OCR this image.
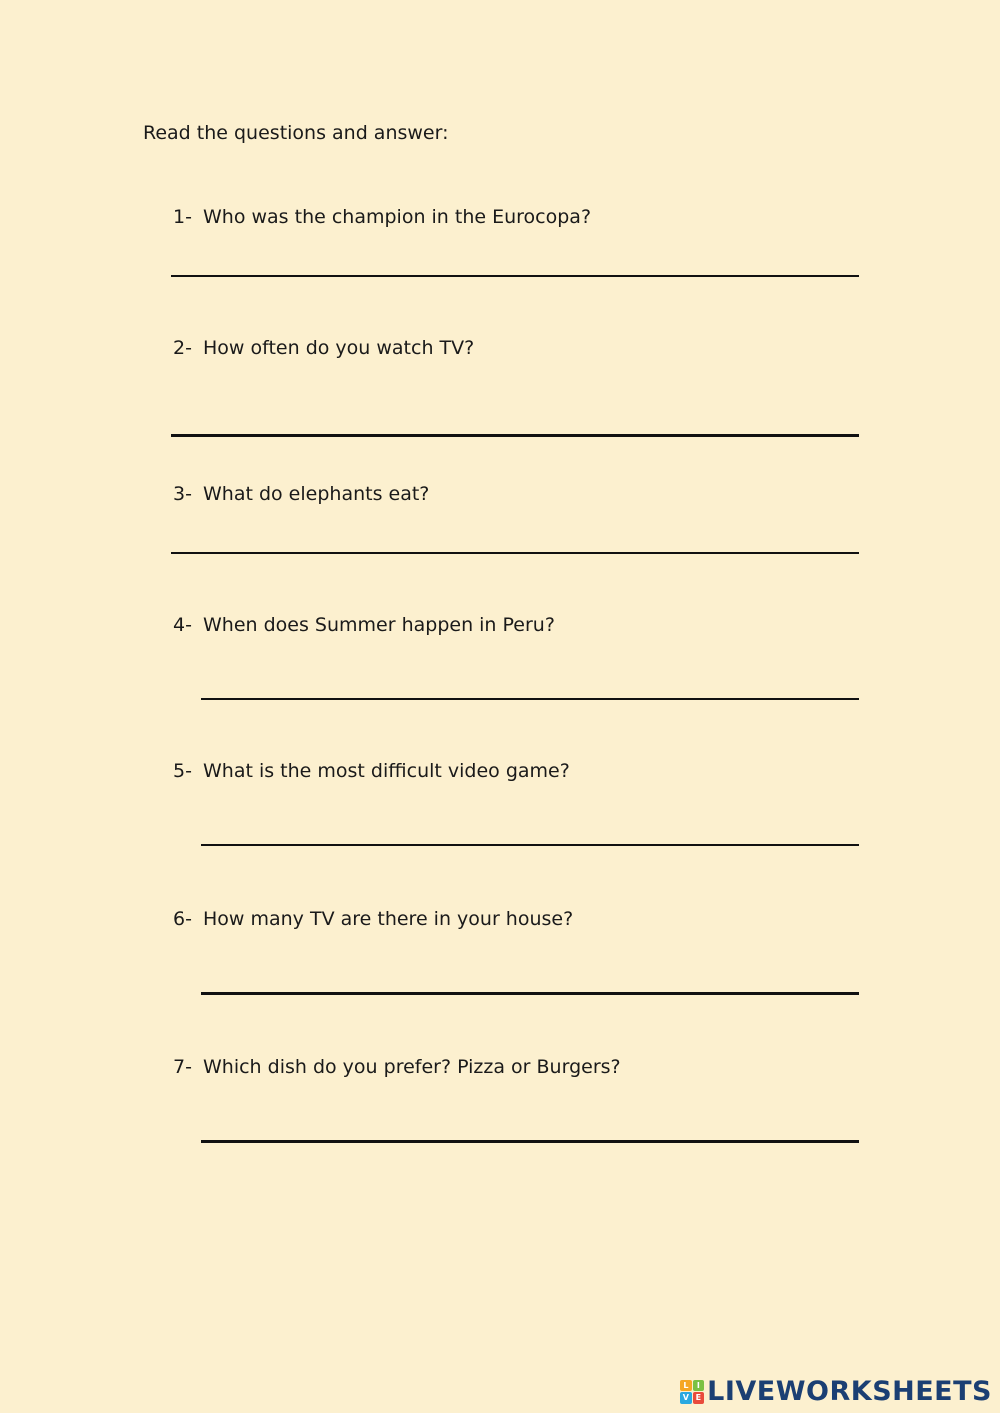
Read the questions and answer:
1- Who was the champion in the Eurocopa?
2- How often do you watch TV?
3- What do elephants eat?
4- When does Summer happen in Peru?
5- What is the most difficult video game?
6- How many TV are there in your house?
7- Which dish do you prefer? Pizza or Burgers?
L	I
V E LIVEWORKSHEETS
